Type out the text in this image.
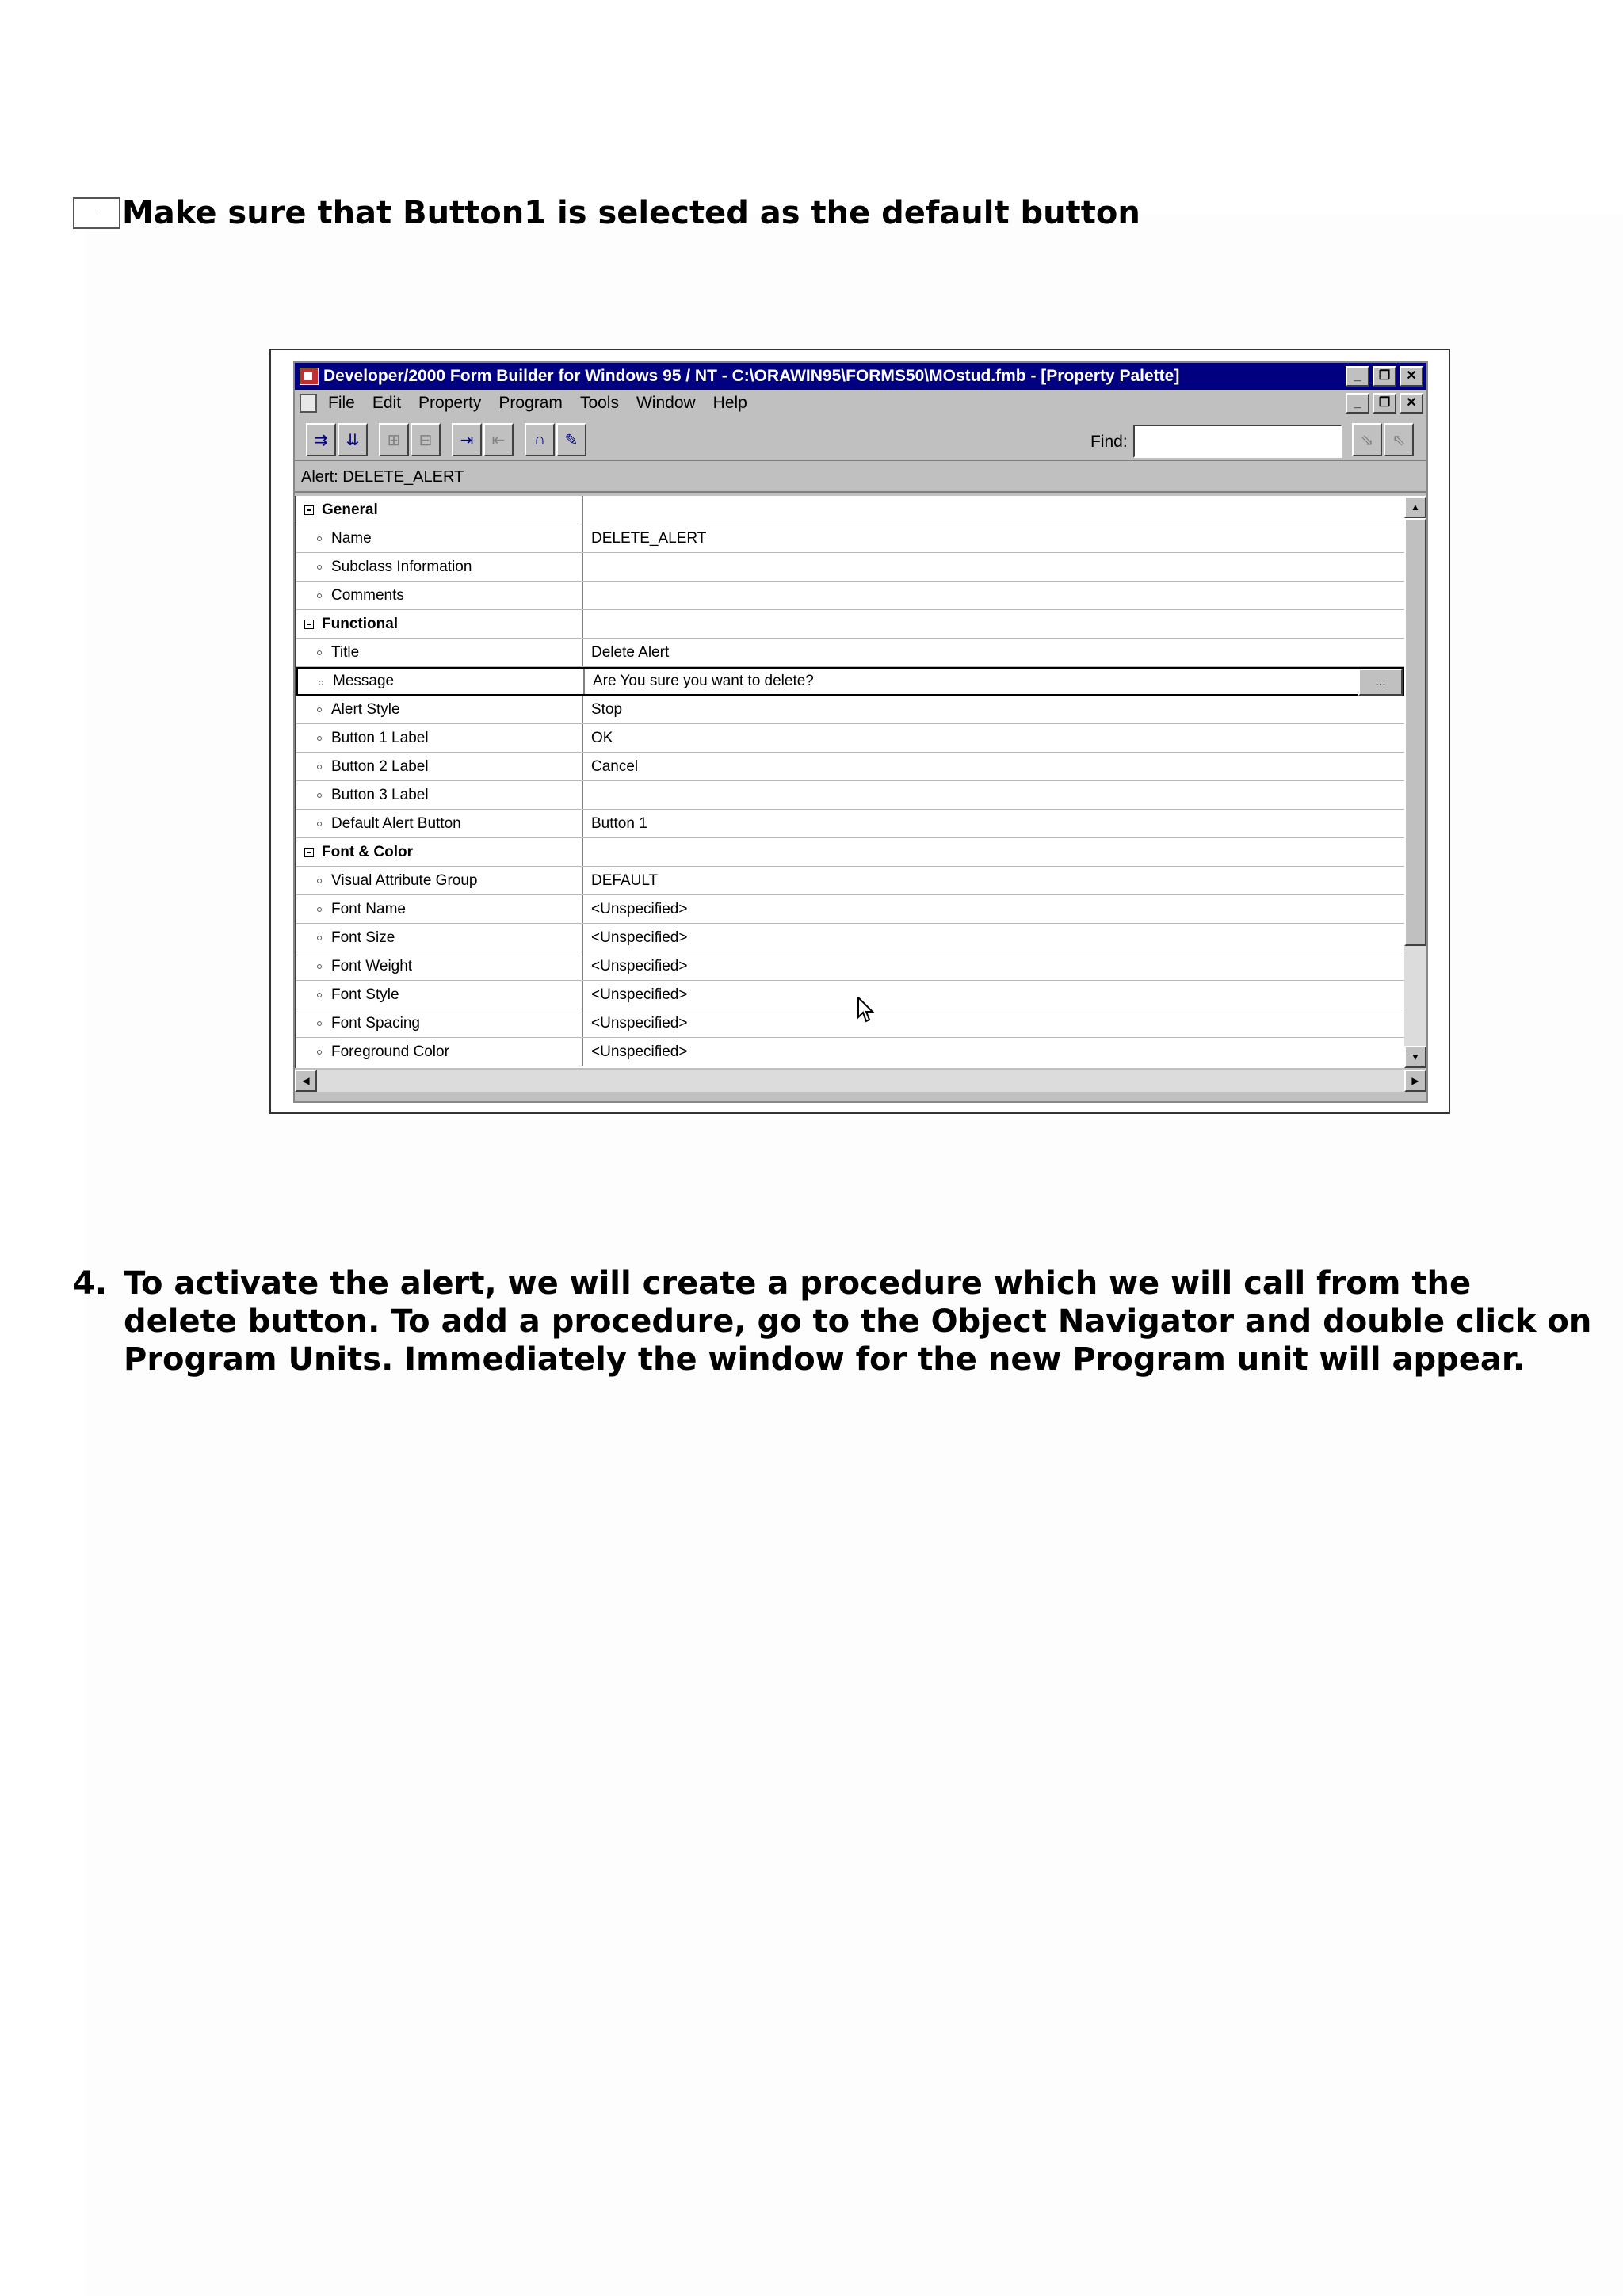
' Make sure that Button1 is selected as the default button
Developer/2000 Form Builder for Windows 95 / NT - C:\ORAWIN95\FORMS50\MOstud.fmb - [Property Palette]	_	❐	✕
File Edit Property Program Tools Window Help	_	❐	✕
⇉	⇊	⊞	⊟	⇥	⇤	∩	✎	Find:	⇘	⇖
Alert: DELETE_ALERT
General
Name	DELETE_ALERT
Subclass Information
Comments
Functional
Title	Delete Alert
Message	Are You sure you want to delete?	...
Alert Style	Stop
Button 1 Label	OK
Button 2 Label	Cancel
Button 3 Label
Default Alert Button	Button 1
Font & Color
Visual Attribute Group	DEFAULT
Font Name	<Unspecified>
Font Size	<Unspecified>
Font Weight	<Unspecified>
Font Style	<Unspecified>
Font Spacing	<Unspecified>
Foreground Color	<Unspecified>
▲
▼
◀	▶
4. To activate the alert, we will create a procedure which we will call from the delete button. To add a procedure, go to the Object Navigator and double click on Program Units. Immediately the window for the new Program unit will appear.
